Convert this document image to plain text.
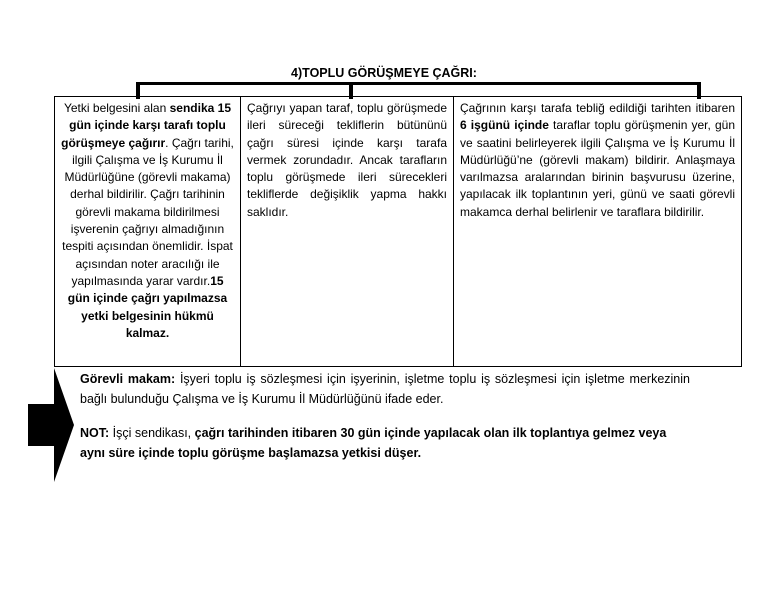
4)TOPLU GÖRÜŞMEYE ÇAĞRI:
Yetki belgesini alan sendika 15 gün içinde karşı tarafı toplu görüşmeye çağırır. Çağrı tarihi, ilgili Çalışma ve İş Kurumu İl Müdürlüğüne (görevli makama) derhal bildirilir. Çağrı tarihinin görevli makama bildirilmesi işverenin çağrıyı almadığının tespiti açısından önemlidir. İspat açısından noter aracılığı ile yapılmasında yarar vardır.15 gün içinde çağrı yapılmazsa yetki belgesinin hükmü kalmaz.	Çağrıyı yapan taraf, toplu görüşmede ileri süreceği tekliflerin bütününü çağrı süresi içinde karşı tarafa vermek zorundadır. Ancak tarafların toplu görüşmede ileri sürecekleri tekliflerde değişiklik yapma hakkı saklıdır.	Çağrının karşı tarafa tebliğ edildiği tarihten itibaren 6 işgünü içinde taraflar toplu görüşmenin yer, gün ve saatini belirleyerek ilgili Çalışma ve İş Kurumu İl Müdürlüğü’ne (görevli makam) bildirir. Anlaşmaya varılmazsa aralarından birinin başvurusu üzerine, yapılacak ilk toplantının yeri, günü ve saati görevli makamca derhal belirlenir ve taraflara bildirilir.
Görevli makam: İşyeri toplu iş sözleşmesi için işyerinin, işletme toplu iş sözleşmesi için işletme merkezinin bağlı bulunduğu Çalışma ve İş Kurumu İl Müdürlüğünü ifade eder.
NOT: İşçi sendikası, çağrı tarihinden itibaren 30 gün içinde yapılacak olan ilk toplantıya gelmez veya aynı süre içinde toplu görüşme başlamazsa yetkisi düşer.
